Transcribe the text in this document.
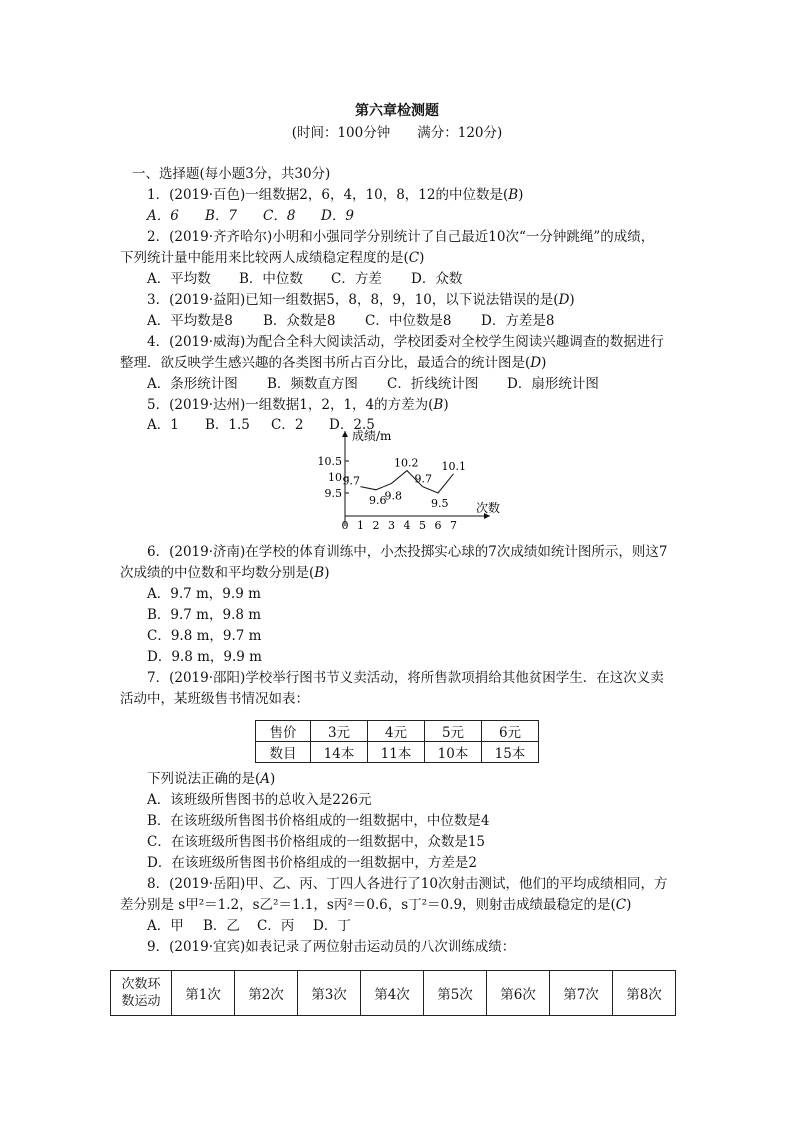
第六章检测题
(时间：100分钟　　满分：120分)
一、选择题(每小题3分，共30分)
1．(2019·百色)一组数据2，6，4，10，8，12的中位数是(B)
A．6 B．7 C．8 D．9
2．(2019·齐齐哈尔)小明和小强同学分别统计了自己最近10次“一分钟跳绳”的成绩，
下列统计量中能用来比较两人成绩稳定程度的是(C)
A．平均数 B．中位数 C．方差 D．众数
3．(2019·益阳)已知一组数据5，8，8，9，10，以下说法错误的是(D)
A．平均数是8 B．众数是8 C．中位数是8 D．方差是8
4．(2019·威海)为配合全科大阅读活动，学校团委对全校学生阅读兴趣调查的数据进行
整理．欲反映学生感兴趣的各类图书所占百分比，最适合的统计图是(D)
A．条形统计图 B．频数直方图 C．折线统计图 D．扇形统计图
5．(2019·达州)一组数据1，2，1，4的方差为(B)
A．1 B．1.5 C．2 D．2.5
成绩/m
次数
0 1 2 3 4 5 6 7
9.5
10
10.5
9.7
9.6
9.8
10.2
9.7
9.5
10.1
6．(2019·济南)在学校的体育训练中，小杰投掷实心球的7次成绩如统计图所示，则这7
次成绩的中位数和平均数分别是(B)
A．9.7 m，9.9 m
B．9.7 m，9.8 m
C．9.8 m，9.7 m
D．9.8 m，9.9 m
7．(2019·邵阳)学校举行图书节义卖活动，将所售款项捐给其他贫困学生．在这次义卖
活动中，某班级售书情况如表：
售价	3元	4元	5元	6元
数目	14本	11本	10本	15本
下列说法正确的是(A)
A．该班级所售图书的总收入是226元
B．在该班级所售图书价格组成的一组数据中，中位数是4
C．在该班级所售图书价格组成的一组数据中，众数是15
D．在该班级所售图书价格组成的一组数据中，方差是2
8．(2019·岳阳)甲、乙、丙、丁四人各进行了10次射击测试，他们的平均成绩相同，方
差分别是 s甲²＝1.2，s乙²＝1.1，s丙²＝0.6，s丁²＝0.9，则射击成绩最稳定的是(C)
A．甲 B．乙 C．丙 D．丁
9．(2019·宜宾)如表记录了两位射击运动员的八次训练成绩：
次数环
数运动	第1次	第2次	第3次	第4次	第5次	第6次	第7次	第8次
